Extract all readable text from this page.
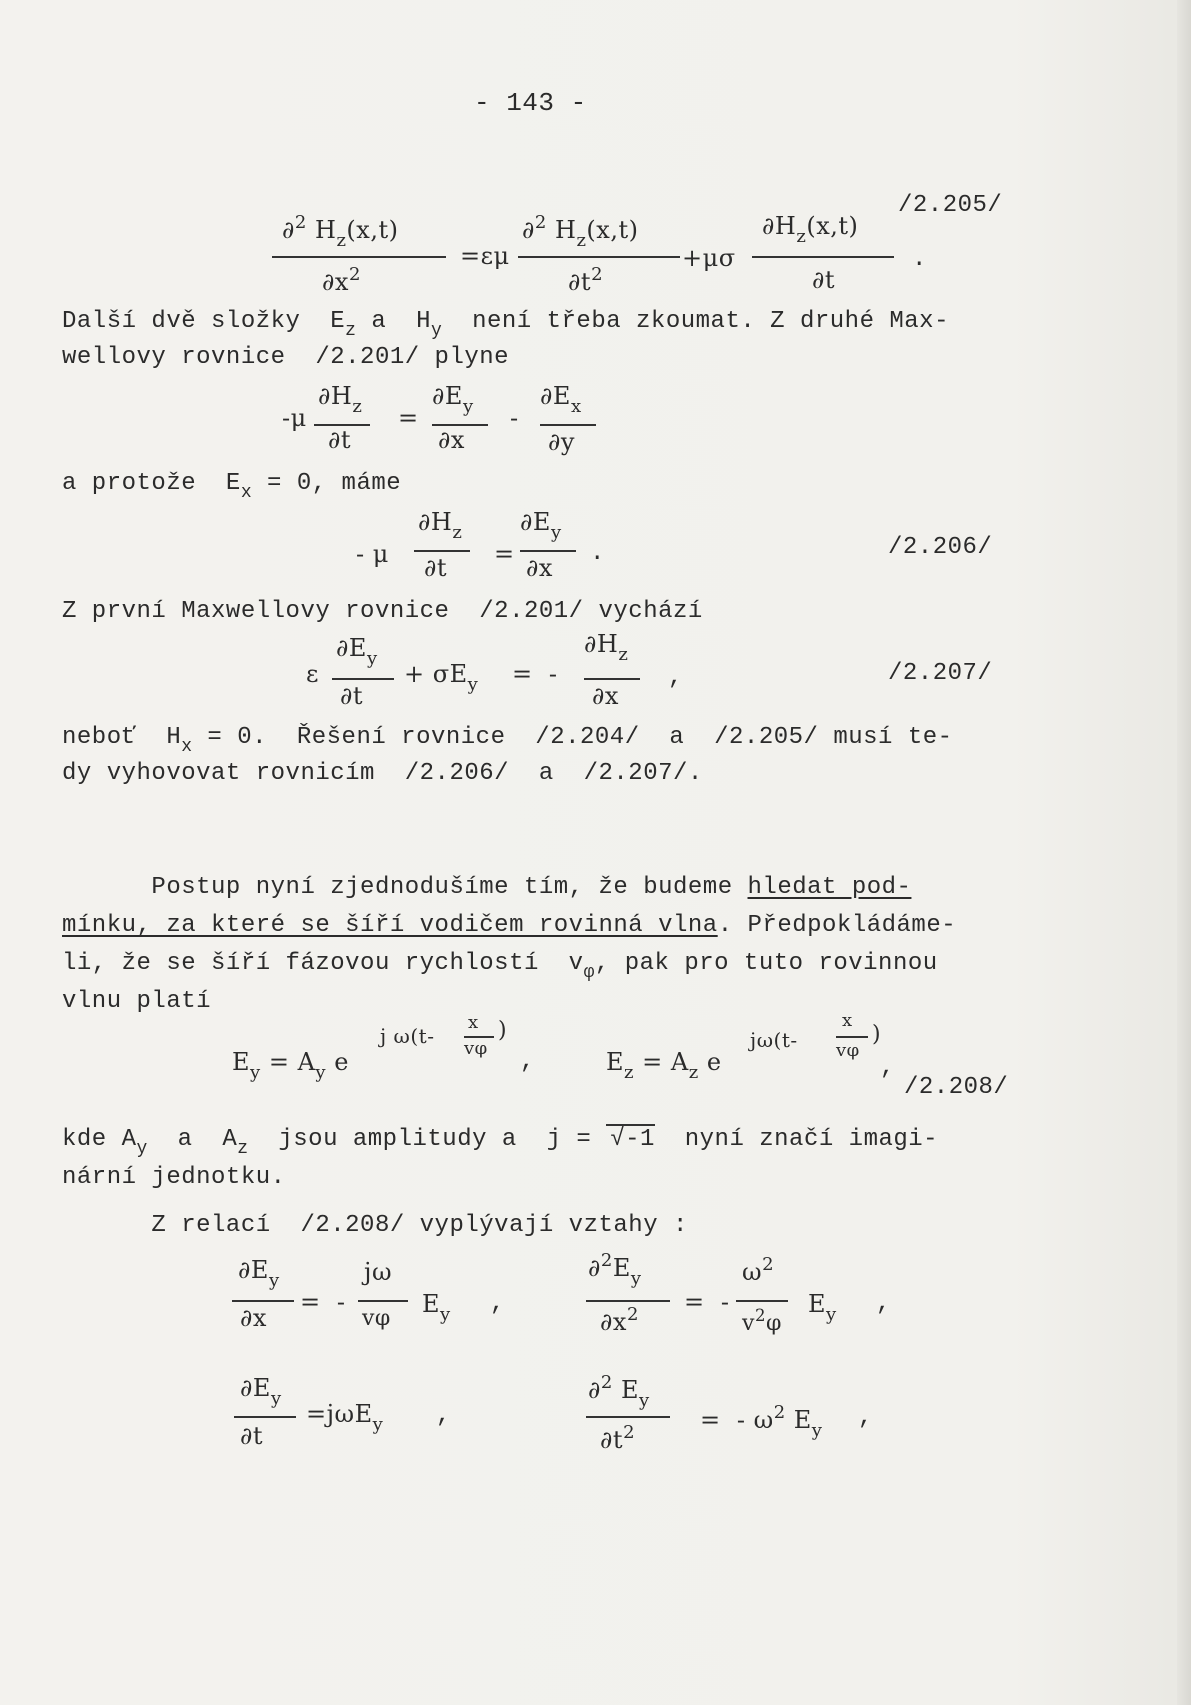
- 143 -
/2.205/
∂$^2$ $H_z(x,t)$
$\partial x^2$
=εμ
∂$^2$ $H_z(x,t)$
$\partial t^2$
+μσ
$\partial H_z(x,t)$
∂t
.
Další dvě složky  $E_z$ a  $H_y$  není třeba zkoumat. Z druhé Max-
wellovy rovnice  /2.201/ plyne
-μ
$\partial H_z$
∂t
=
$\partial E_y$
∂x
-
$\partial E_x$
∂y
a protože  $E_x = 0$, máme
- μ
$\partial H_z$
∂t =
$\partial E_y$
∂x
.	/2.206/
Z první Maxwellovy rovnice  /2.201/ vychází
ε
$\partial E_y$
∂t
+ $\sigma E_y$ =  -
$\partial H_z$
∂x
,	/2.207/
neboť  $H_x = 0$.  Řešení rovnice  /2.204/  a  /2.205/ musí te-
dy vyhovovat rovnicím  /2.206/  a  /2.207/.
Postup nyní zjednodušíme tím, že budeme hledat pod-
mínku, za které se šíří vodičem rovinná vlna. Předpokládáme-
li, že se šíří fázovou rychlostí  $v_\varphi$, pak pro tuto rovinnou
vlnu platí
$E_y = A_y$ e
j ω(t-
x
vφ
)
,	$E_z = A_z$ e
jω(t-
x
vφ
)
,
/2.208/
kde $A_y$  a  $A_z$  jsou amplitudy a  j = √-1  nyní značí imagi-
nární jednotku.
Z relací  /2.208/ vyplývají vztahy :
$\partial E_y$
∂x
=  -
jω
vφ
$E_y$ ,
$\partial^2E_y$
$\partial x^2$ =  -
$\omega^2$
$v^2\varphi$
$E_y$ ,
$\partial E_y$
∂t
=jωE$_y$ ,
∂$^2$ $E_y$
$\partial t^2$	=  - $\omega^2$ $E_y$ ,
